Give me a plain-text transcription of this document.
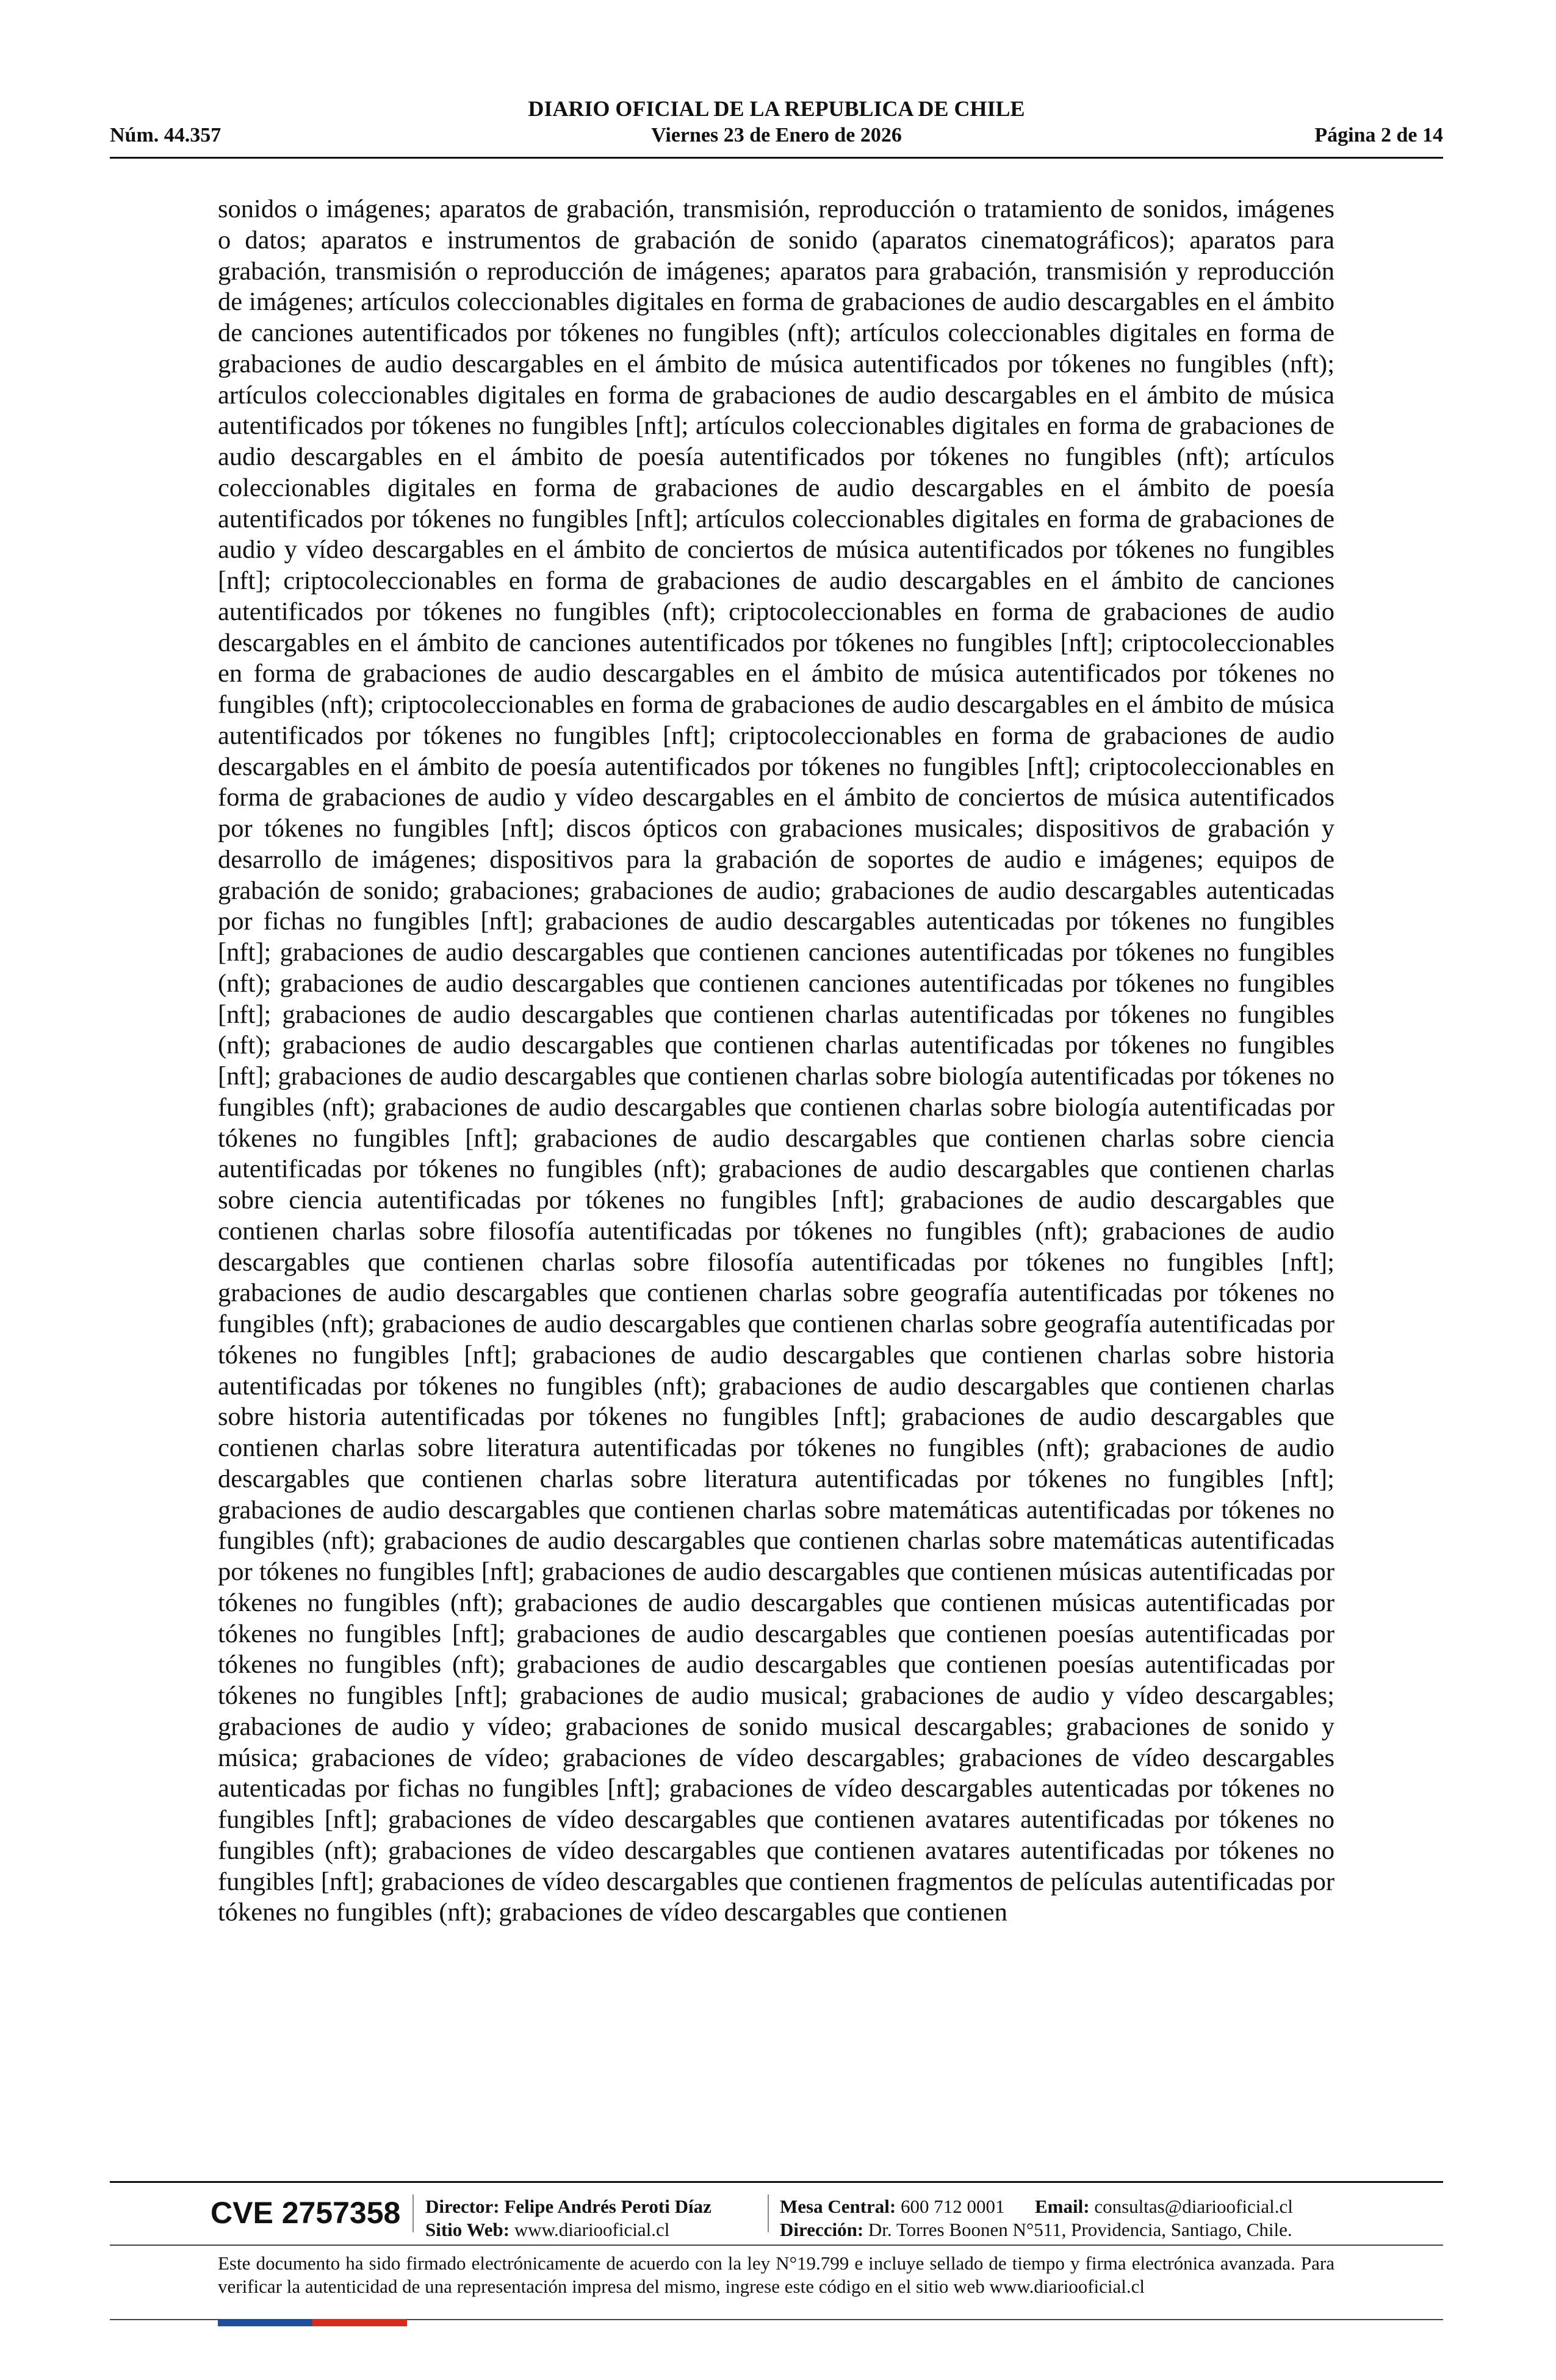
DIARIO OFICIAL DE LA REPUBLICA DE CHILE
Núm. 44.357	Viernes 23 de Enero de 2026	Página 2 de 14
sonidos o imágenes; aparatos de grabación, transmisión, reproducción o tratamiento de sonidos, imágenes o datos; aparatos e instrumentos de grabación de sonido (aparatos cinematográficos); aparatos para grabación, transmisión o reproducción de imágenes; aparatos para grabación, transmisión y reproducción de imágenes; artículos coleccionables digitales en forma de grabaciones de audio descargables en el ámbito de canciones autentificados por tókenes no fungibles (nft); artículos coleccionables digitales en forma de grabaciones de audio descargables en el ámbito de música autentificados por tókenes no fungibles (nft); artículos coleccionables digitales en forma de grabaciones de audio descargables en el ámbito de música autentificados por tókenes no fungibles [nft]; artículos coleccionables digitales en forma de grabaciones de audio descargables en el ámbito de poesía autentificados por tókenes no fungibles (nft); artículos coleccionables digitales en forma de grabaciones de audio descargables en el ámbito de poesía autentificados por tókenes no fungibles [nft]; artículos coleccionables digitales en forma de grabaciones de audio y vídeo descargables en el ámbito de conciertos de música autentificados por tókenes no fungibles [nft]; criptocoleccionables en forma de grabaciones de audio descargables en el ámbito de canciones autentificados por tókenes no fungibles (nft); criptocoleccionables en forma de grabaciones de audio descargables en el ámbito de canciones autentificados por tókenes no fungibles [nft]; criptocoleccionables en forma de grabaciones de audio descargables en el ámbito de música autentificados por tókenes no fungibles (nft); criptocoleccionables en forma de grabaciones de audio descargables en el ámbito de música autentificados por tókenes no fungibles [nft]; criptocoleccionables en forma de grabaciones de audio descargables en el ámbito de poesía autentificados por tókenes no fungibles [nft]; criptocoleccionables en forma de grabaciones de audio y vídeo descargables en el ámbito de conciertos de música autentificados por tókenes no fungibles [nft]; discos ópticos con grabaciones musicales; dispositivos de grabación y desarrollo de imágenes; dispositivos para la grabación de soportes de audio e imágenes; equipos de grabación de sonido; grabaciones; grabaciones de audio; grabaciones de audio descargables autenticadas por fichas no fungibles [nft]; grabaciones de audio descargables autenticadas por tókenes no fungibles [nft]; grabaciones de audio descargables que contienen canciones autentificadas por tókenes no fungibles (nft); grabaciones de audio descargables que contienen canciones autentificadas por tókenes no fungibles [nft]; grabaciones de audio descargables que contienen charlas autentificadas por tókenes no fungibles (nft); grabaciones de audio descargables que contienen charlas autentificadas por tókenes no fungibles [nft]; grabaciones de audio descargables que contienen charlas sobre biología autentificadas por tókenes no fungibles (nft); grabaciones de audio descargables que contienen charlas sobre biología autentificadas por tókenes no fungibles [nft]; grabaciones de audio descargables que contienen charlas sobre ciencia autentificadas por tókenes no fungibles (nft); grabaciones de audio descargables que contienen charlas sobre ciencia autentificadas por tókenes no fungibles [nft]; grabaciones de audio descargables que contienen charlas sobre filosofía autentificadas por tókenes no fungibles (nft); grabaciones de audio descargables que contienen charlas sobre filosofía autentificadas por tókenes no fungibles [nft]; grabaciones de audio descargables que contienen charlas sobre geografía autentificadas por tókenes no fungibles (nft); grabaciones de audio descargables que contienen charlas sobre geografía autentificadas por tókenes no fungibles [nft]; grabaciones de audio descargables que contienen charlas sobre historia autentificadas por tókenes no fungibles (nft); grabaciones de audio descargables que contienen charlas sobre historia autentificadas por tókenes no fungibles [nft]; grabaciones de audio descargables que contienen charlas sobre literatura autentificadas por tókenes no fungibles (nft); grabaciones de audio descargables que contienen charlas sobre literatura autentificadas por tókenes no fungibles [nft]; grabaciones de audio descargables que contienen charlas sobre matemáticas autentificadas por tókenes no fungibles (nft); grabaciones de audio descargables que contienen charlas sobre matemáticas autentificadas por tókenes no fungibles [nft]; grabaciones de audio descargables que contienen músicas autentificadas por tókenes no fungibles (nft); grabaciones de audio descargables que contienen músicas autentificadas por tókenes no fungibles [nft]; grabaciones de audio descargables que contienen poesías autentificadas por tókenes no fungibles (nft); grabaciones de audio descargables que contienen poesías autentificadas por tókenes no fungibles [nft]; grabaciones de audio musical; grabaciones de audio y vídeo descargables; grabaciones de audio y vídeo; grabaciones de sonido musical descargables; grabaciones de sonido y música; grabaciones de vídeo; grabaciones de vídeo descargables; grabaciones de vídeo descargables autenticadas por fichas no fungibles [nft]; grabaciones de vídeo descargables autenticadas por tókenes no fungibles [nft]; grabaciones de vídeo descargables que contienen avatares autentificadas por tókenes no fungibles (nft); grabaciones de vídeo descargables que contienen avatares autentificadas por tókenes no fungibles [nft]; grabaciones de vídeo descargables que contienen fragmentos de películas autentificadas por tókenes no fungibles (nft); grabaciones de vídeo descargables que contienen
CVE 2757358 Director: Felipe Andrés Peroti Díaz
Sitio Web: www.diariooficial.cl
Mesa Central: 600 712 0001 Email: consultas@diariooficial.cl
Dirección: Dr. Torres Boonen N°511, Providencia, Santiago, Chile.
Este documento ha sido firmado electrónicamente de acuerdo con la ley N°19.799 e incluye sellado de tiempo y firma electrónica avanzada. Para verificar la autenticidad de una representación impresa del mismo, ingrese este código en el sitio web www.diariooficial.cl
